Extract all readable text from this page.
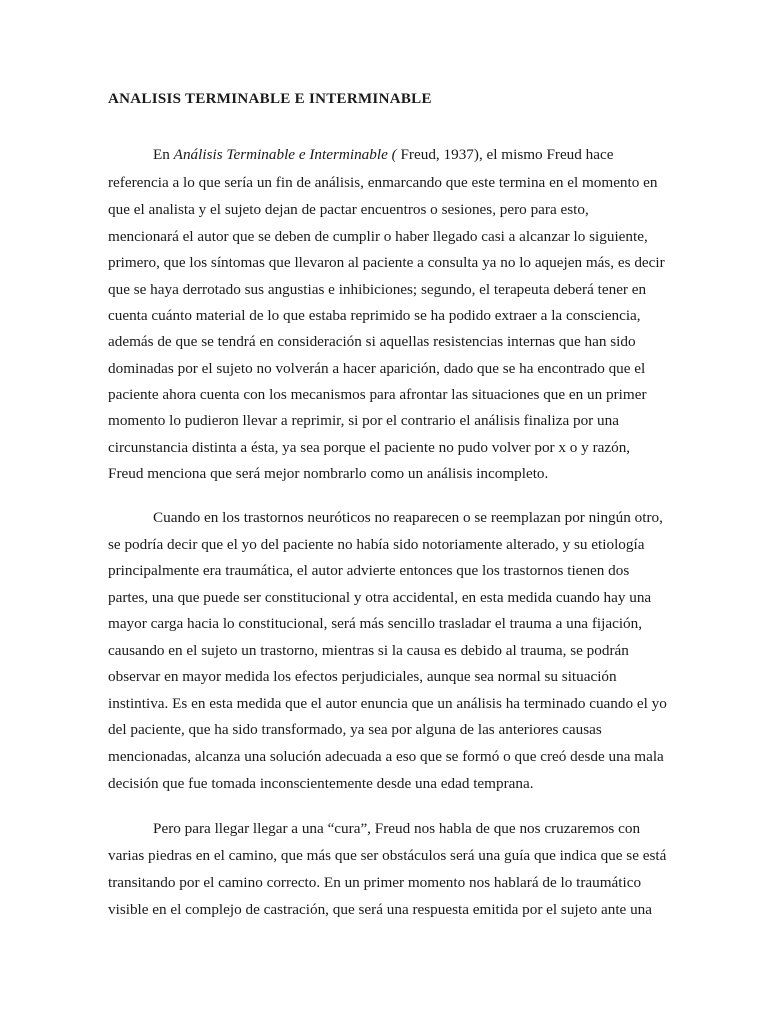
ANALISIS TERMINABLE E INTERMINABLE

En Análisis Terminable e Interminable ( Freud, 1937), el mismo Freud hace

referencia a lo que sería un fin de análisis, enmarcando que este termina en el momento en

que el analista y el sujeto dejan de pactar encuentros o sesiones, pero para esto,

mencionará el autor que se deben de cumplir o haber llegado casi a alcanzar lo siguiente,

primero, que los síntomas que llevaron al paciente a consulta ya no lo aquejen más, es decir

que se haya derrotado sus angustias e inhibiciones; segundo, el terapeuta deberá tener en

cuenta cuánto material de lo que estaba reprimido se ha podido extraer a la consciencia,

además de que se tendrá en consideración si aquellas resistencias internas que han sido

dominadas por el sujeto no volverán a hacer aparición, dado que se ha encontrado que el

paciente ahora cuenta con los mecanismos para afrontar las situaciones que en un primer

momento lo pudieron llevar a reprimir, si por el contrario el análisis finaliza por una

circunstancia distinta a ésta, ya sea porque el paciente no pudo volver por x o y razón,

Freud menciona que será mejor nombrarlo como un análisis incompleto.

Cuando en los trastornos neuróticos no reaparecen o se reemplazan por ningún otro,

se podría decir que el yo del paciente no había sido notoriamente alterado, y su etiología

principalmente era traumática, el autor advierte entonces que los trastornos tienen dos

partes, una que puede ser constitucional y otra accidental, en esta medida cuando hay una

mayor carga hacia lo constitucional, será más sencillo trasladar el trauma a una fijación,

causando en el sujeto un trastorno, mientras si la causa es debido al trauma, se podrán

observar en mayor medida los efectos perjudiciales, aunque sea normal su situación

instintiva. Es en esta medida que el autor enuncia que un análisis ha terminado cuando el yo

del paciente, que ha sido transformado, ya sea por alguna de las anteriores causas

mencionadas, alcanza una solución adecuada a eso que se formó o que creó desde una mala

decisión que fue tomada inconscientemente desde una edad temprana.

Pero para llegar llegar a una “cura”, Freud nos habla de que nos cruzaremos con

varias piedras en el camino, que más que ser obstáculos será una guía que indica que se está

transitando por el camino correcto. En un primer momento nos hablará de lo traumático

visible en el complejo de castración, que será una respuesta emitida por el sujeto ante una
